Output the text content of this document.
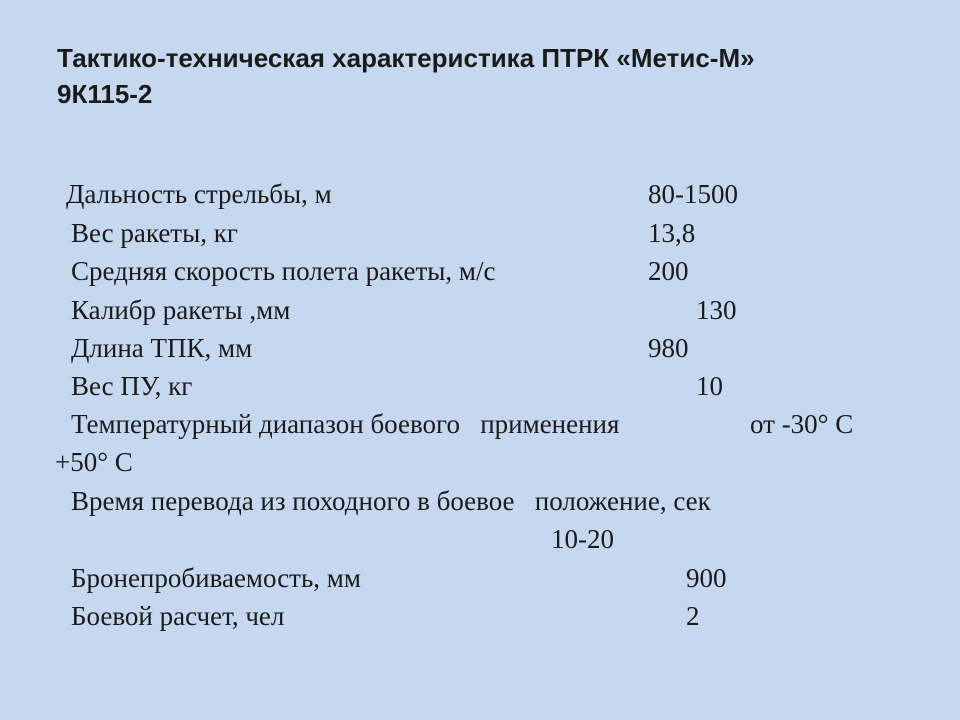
Тактико-техническая характеристика ПТРК «Метис-М»
9К115-2
Дальность стрельбы, м	80-1500
Вес ракеты, кг	13,8
Средняя скорость полета ракеты, м/с	200
Калибр ракеты ,мм	130
Длина ТПК, мм	980
Вес ПУ, кг	10
Температурный диапазон боевого   применения	от -30° С
+50° С
Время перевода из походного в боевое   положение, сек
10-20
Бронепробиваемость, мм	900
Боевой расчет, чел	2
